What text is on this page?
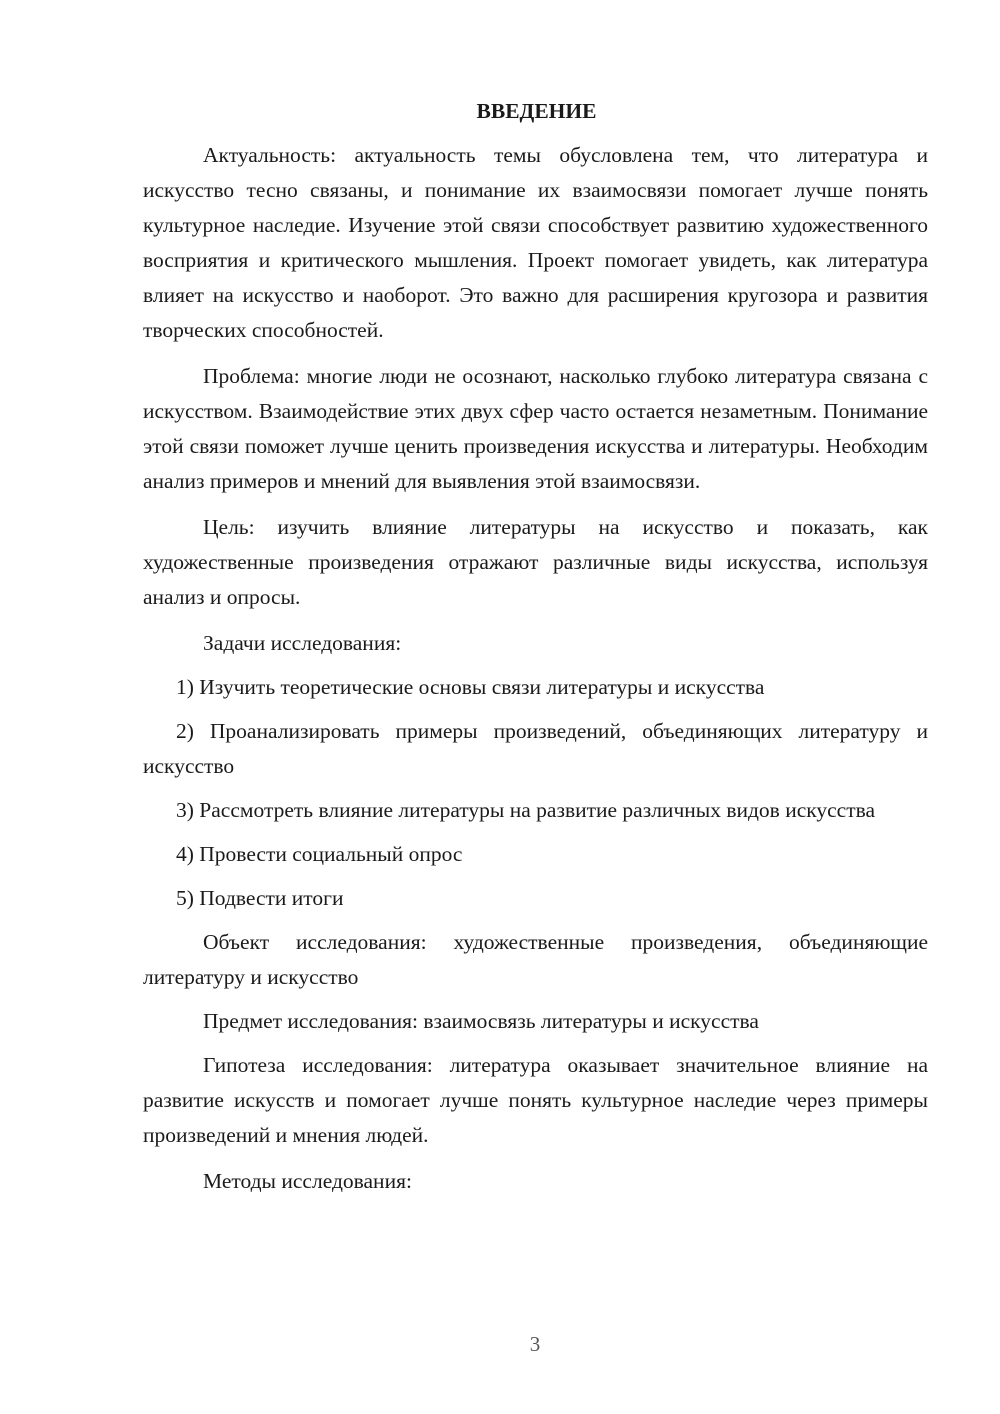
ВВЕДЕНИЕ

Актуальность: актуальность темы обусловлена тем, что литература и искусство тесно связаны, и понимание их взаимосвязи помогает лучше понять культурное наследие. Изучение этой связи способствует развитию художественного восприятия и критического мышления. Проект помогает увидеть, как литература влияет на искусство и наоборот. Это важно для расширения кругозора и развития творческих способностей.

Проблема: многие люди не осознают, насколько глубоко литература связана с искусством. Взаимодействие этих двух сфер часто остается незаметным. Понимание этой связи поможет лучше ценить произведения искусства и литературы. Необходим анализ примеров и мнений для выявления этой взаимосвязи.

Цель: изучить влияние литературы на искусство и показать, как художественные произведения отражают различные виды искусства, используя анализ и опросы.

Задачи исследования:

1) Изучить теоретические основы связи литературы и искусства

2) Проанализировать примеры произведений, объединяющих литературу и искусство

3) Рассмотреть влияние литературы на развитие различных видов искусства

4) Провести социальный опрос

5) Подвести итоги

Объект исследования: художественные произведения, объединяющие литературу и искусство

Предмет исследования: взаимосвязь литературы и искусства

Гипотеза исследования: литература оказывает значительное влияние на развитие искусств и помогает лучше понять культурное наследие через примеры произведений и мнения людей.

Методы исследования:

3
